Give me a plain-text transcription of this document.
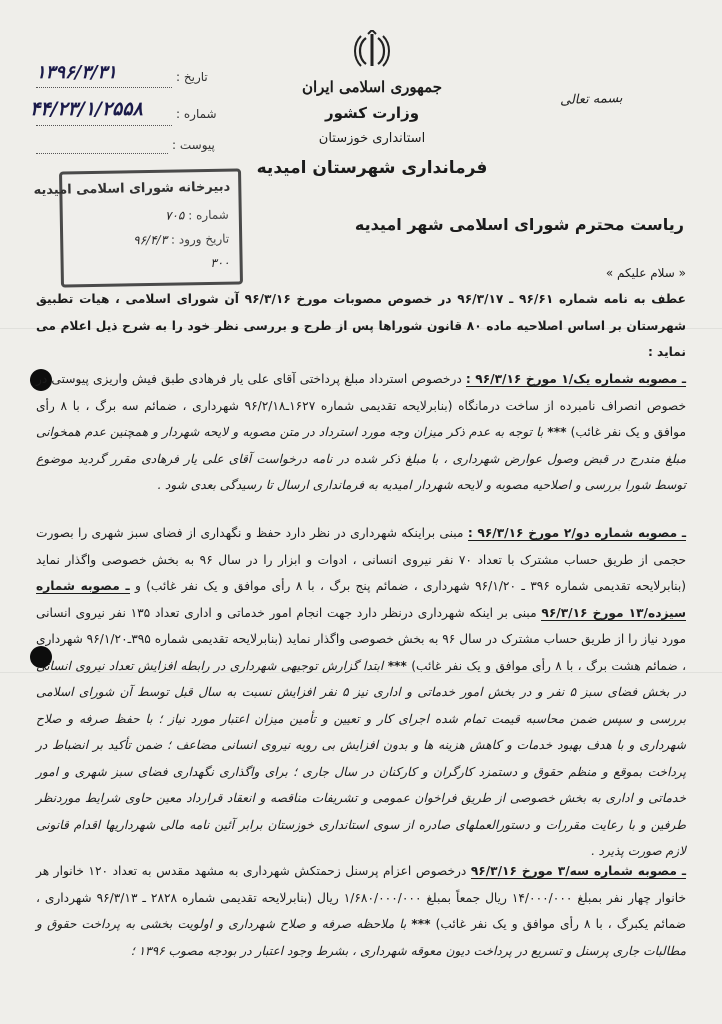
بسمه تعالی
جمهوری اسلامی ایران
وزارت کشور
استانداری خوزستان
فرمانداری شهرستان امیدیه
تاریخ :
۱۳۹۶/۳/۳۱
شماره :
۴۴/۲۳/۱/۲۵۵۸
پیوست :
دبیرخانه شورای اسلامی امیدیه
شماره : ۷۰۵
تاریخ ورود : ۹۶/۴/۳
۳۰۰
ریاست محترم شورای اسلامی شهر امیدیه
« سلام علیکم »
عطف به نامه شماره ۹۶/۶۱ ـ ۹۶/۳/۱۷ در خصوص مصوبات مورخ ۹۶/۳/۱۶ آن شورای اسلامی ، هیات تطبیق شهرستان بر اساس اصلاحیه ماده ۸۰ قانون شوراها پس از طرح و بررسی نظر خود را به شرح ذیل اعلام می نماید :
ـ مصوبه شماره یک/۱ مورخ ۹۶/۳/۱۶ : درخصوص استرداد مبلغ پرداختی آقای علی یار فرهادی طبق فیش واریزی پیوستی در خصوص انصراف نامبرده از ساخت درمانگاه (بنابرلایحه تقدیمی شماره ۱۶۲۷ـ۹۶/۲/۱۸ شهرداری ، ضمائم سه برگ ، با ۸ رأی موافق و یک نفر غائب) *** با توجه به عدم ذکر میزان وجه مورد استرداد در متن مصوبه و لایحه شهردار و همچنین عدم همخوانی مبلغ مندرج در قبض وصول عوارض شهرداری ، با مبلغ ذکر شده در نامه درخواست آقای علی یار فرهادی مقرر گردید موضوع توسط شورا بررسی و اصلاحیه مصوبه و لایحه شهردار امیدیه به فرمانداری ارسال تا رسیدگی بعدی شود .
ـ مصوبه شماره دو/۲ مورخ ۹۶/۳/۱۶ : مبنی براینکه شهرداری در نظر دارد حفظ و نگهداری از فضای سبز شهری را بصورت حجمی از طریق حساب مشترک با تعداد ۷۰ نفر نیروی انسانی ، ادوات و ابزار را در سال ۹۶ به بخش خصوصی واگذار نماید (بنابرلایحه تقدیمی شماره ۳۹۶ ـ ۹۶/۱/۲۰ شهرداری ، ضمائم پنج برگ ، با ۸ رأی موافق و یک نفر غائب) و ـ مصوبه شماره سیزده/۱۳ مورخ ۹۶/۳/۱۶ مبنی بر اینکه شهرداری درنظر دارد جهت انجام امور خدماتی و اداری تعداد ۱۳۵ نفر نیروی انسانی مورد نیاز را از طریق حساب مشترک در سال ۹۶ به بخش خصوصی واگذار نماید (بنابرلایحه تقدیمی شماره ۳۹۵ـ۹۶/۱/۲۰ شهرداری ، ضمائم هشت برگ ، با ۸ رأی موافق و یک نفر غائب) *** ابتدا گزارش توجیهی شهرداری در رابطه افزایش تعداد نیروی انسانی در بخش فضای سبز ۵ نفر و در بخش امور خدماتی و اداری نیز ۵ نفر افزایش نسبت به سال قبل توسط آن شورای اسلامی بررسی و سپس ضمن محاسبه قیمت تمام شده اجرای کار و تعیین و تأمین میزان اعتبار مورد نیاز ؛ با حفظ صرفه و صلاح شهرداری و با هدف بهبود خدمات و کاهش هزینه ها و بدون افزایش بی رویه نیروی انسانی مضاعف ؛ ضمن تأکید بر انضباط در پرداخت بموقع و منظم حقوق و دستمزد کارگران و کارکنان در سال جاری ؛ برای واگذاری نگهداری فضای سبز شهری و امور خدماتی و اداری به بخش خصوصی از طریق فراخوان عمومی و تشریفات مناقصه و انعقاد قرارداد معین حاوی شرایط موردنظر طرفین و با رعایت مقررات و دستورالعملهای صادره از سوی استانداری خوزستان برابر آئین نامه مالی شهرداریها اقدام قانونی لازم صورت پذیرد .
ـ مصوبه شماره سه/۳ مورخ ۹۶/۳/۱۶ درخصوص اعزام پرسنل زحمتکش شهرداری به مشهد مقدس به تعداد ۱۲۰ خانوار هر خانوار چهار نفر بمبلغ ۱۴/۰۰۰/۰۰۰ ریال جمعاً بمبلغ ۱/۶۸۰/۰۰۰/۰۰۰ ریال (بنابرلایحه تقدیمی شماره ۲۸۲۸ ـ ۹۶/۳/۱۳ شهرداری ، ضمائم یکبرگ ، با ۸ رأی موافق و یک نفر غائب) *** با ملاحظه صرفه و صلاح شهرداری و اولویت بخشی به پرداخت حقوق و مطالبات جاری پرسنل و تسریع در پرداخت دیون معوقه شهرداری ، بشرط وجود اعتبار در بودجه مصوب ۱۳۹۶ ؛
